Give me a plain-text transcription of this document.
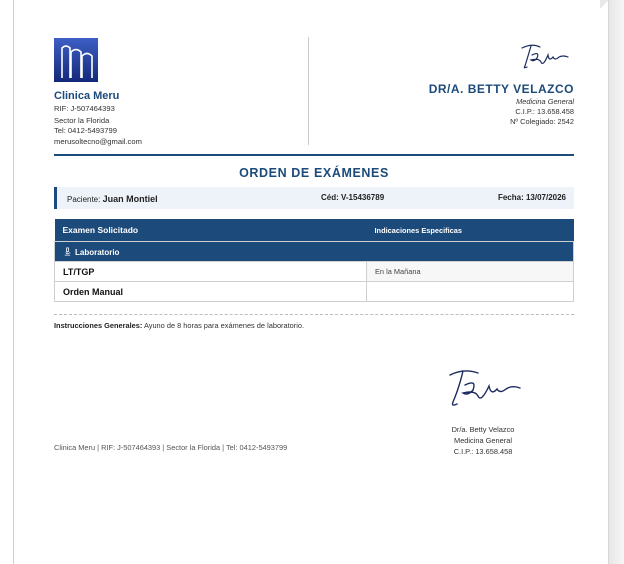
Clinica Meru
RIF: J-507464393
Sector la Florida
Tel: 0412-5493799
merusoltecno@gmail.com
DR/A. BETTY VELAZCO
Medicina General
C.I.P.: 13.658.458
Nº Colegiado: 2542
ORDEN DE EXÁMENES
Paciente: Juan Montiel	Céd: V-15436789	Fecha: 13/07/2026
Examen Solicitado	Indicaciones Especificas
Laboratorio	
LT/TGP	En la Mañana
Orden Manual	
Instrucciones Generales: Ayuno de 8 horas para exámenes de laboratorio.
Clinica Meru | RIF: J-507464393 | Sector la Florida | Tel: 0412-5493799
Dr/a. Betty Velazco
Medicina General
C.I.P.: 13.658.458
